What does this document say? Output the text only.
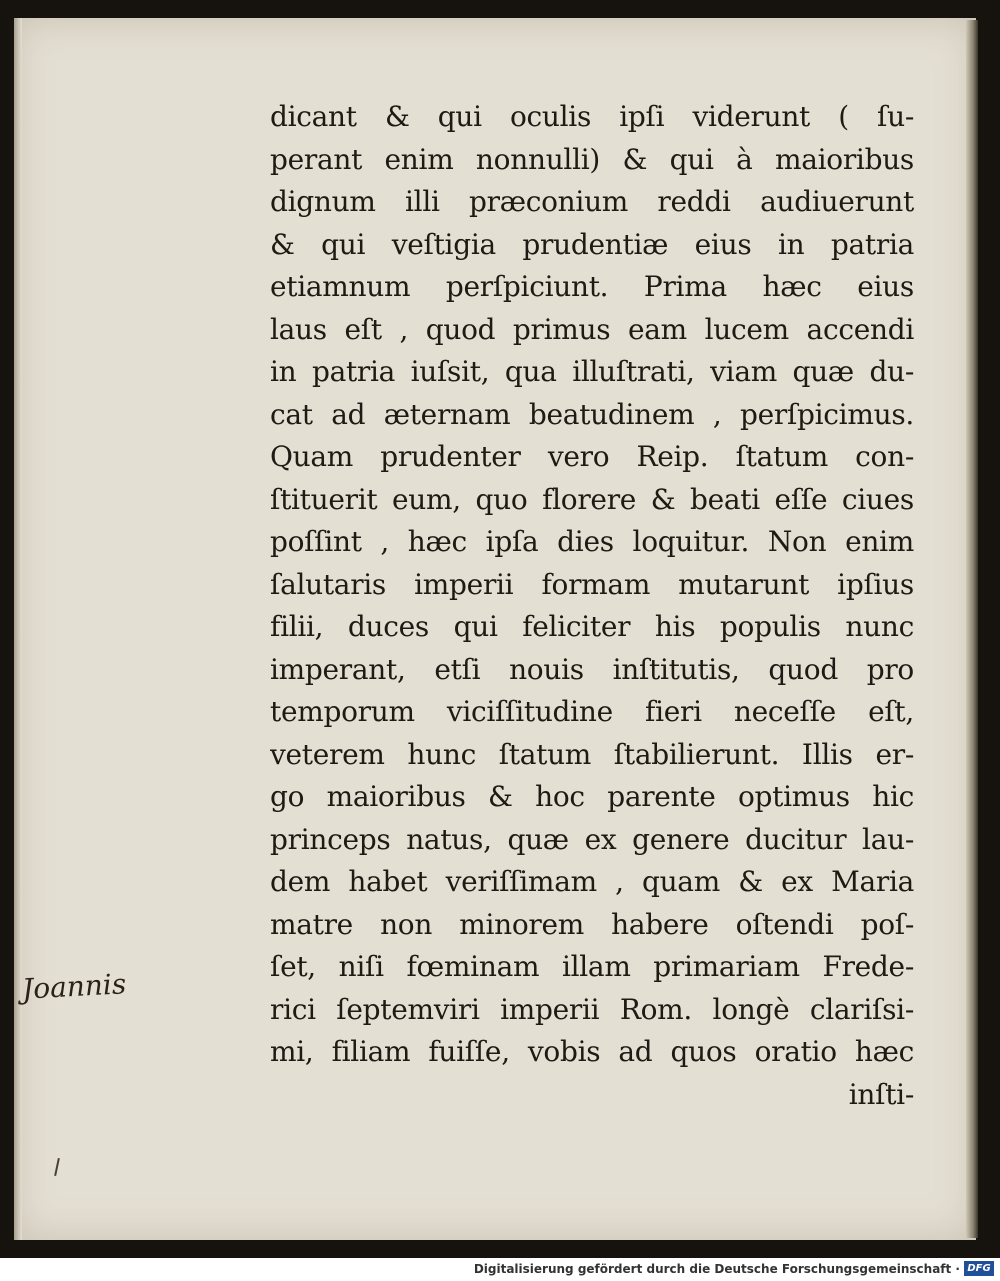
dicant & qui oculis ipſi viderunt ( ſu-
perant enim nonnulli) & qui à maioribus
dignum illi præconium reddi audiuerunt
& qui veſtigia prudentiæ eius in patria
etiamnum perſpiciunt. Prima hæc eius
laus eſt , quod primus eam lucem accendi
in patria iuſsit, qua illuſtrati, viam quæ du-
cat ad æternam beatudinem , perſpicimus.
Quam prudenter vero Reip. ſtatum con-
ſtituerit eum, quo florere & beati eſſe ciues
poſſint , hæc ipſa dies loquitur. Non enim
ſalutaris imperii formam mutarunt ipſius
filii, duces qui feliciter his populis nunc
imperant, etſi nouis inſtitutis, quod pro
temporum viciſſitudine fieri neceſſe eſt,
veterem hunc ſtatum ſtabilierunt. Illis er-
go maioribus & hoc parente optimus hic
princeps natus, quæ ex genere ducitur lau-
dem habet veriſſimam , quam & ex Maria
matre non minorem habere oſtendi poſ-
ſet, niſi fœminam illam primariam Frede-
rici ſeptemviri imperii Rom. longè clariſsi-
mi, filiam fuiſſe, vobis ad quos oratio hæc
inſti-
Joannis
Digitalisierung gefördert durch die Deutsche Forschungsgemeinschaft · DFG
